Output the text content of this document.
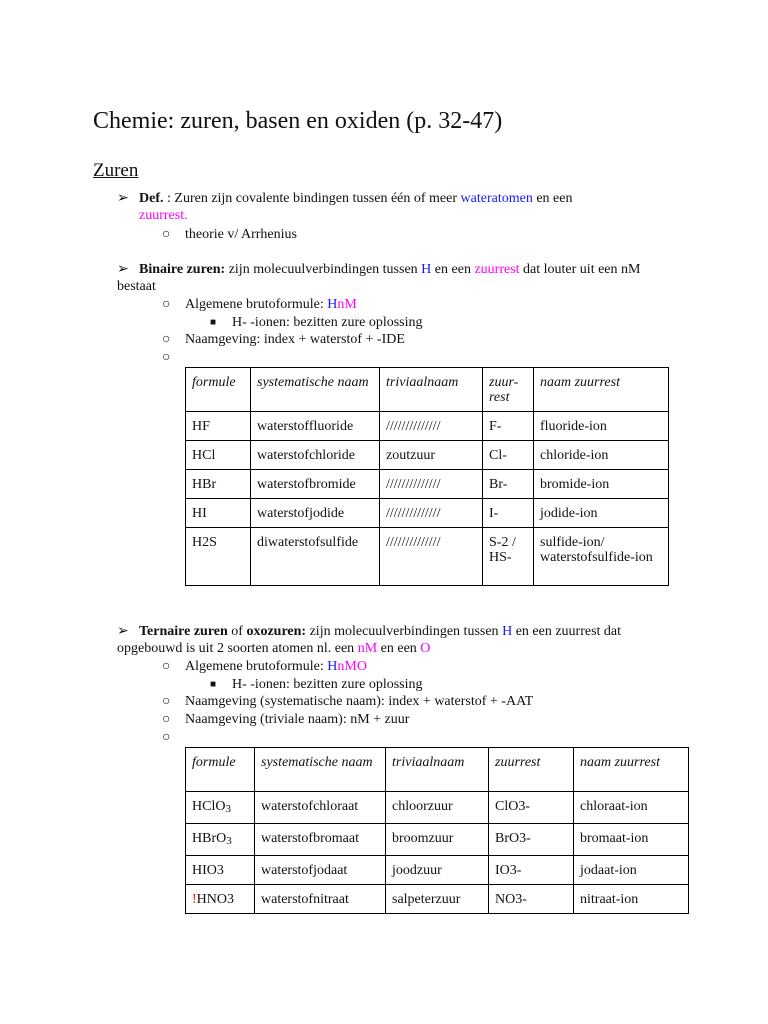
Chemie: zuren, basen en oxiden (p. 32-47)
Zuren
➢ Def. : Zuren zijn covalente bindingen tussen één of meer wateratomen en een
zuurrest.
○ theorie v/ Arrhenius
➢ Binaire zuren: zijn molecuulverbindingen tussen H en een zuurrest dat louter uit een nM bestaat
○ Algemene brutoformule: HnM
■ H- -ionen: bezitten zure oplossing
○ Naamgeving: index + waterstof + -IDE
○
formule	systematische naam	triviaalnaam	zuur-rest	naam zuurrest
HF	waterstoffluoride	//////////////	F-	fluoride-ion
HCl	waterstofchloride	zoutzuur	Cl-	chloride-ion
HBr	waterstofbromide	//////////////	Br-	bromide-ion
HI	waterstofjodide	//////////////	I-	jodide-ion
H2S	diwaterstofsulfide	//////////////	S-2 / HS-	sulfide-ion/ waterstofsulfide-ion
➢ Ternaire zuren of oxozuren: zijn molecuulverbindingen tussen H en een zuurrest dat opgebouwd is uit 2 soorten atomen nl. een nM en een O
○ Algemene brutoformule: HnMO
■ H- -ionen: bezitten zure oplossing
○ Naamgeving (systematische naam): index + waterstof + -AAT
○ Naamgeving (triviale naam): nM + zuur
○
formule	systematische naam	triviaalnaam	zuurrest	naam zuurrest
HClO$_3$	waterstofchloraat	chloorzuur	ClO3-	chloraat-ion
HBrO$_3$	waterstofbromaat	broomzuur	BrO3-	bromaat-ion
HIO3	waterstofjodaat	joodzuur	IO3-	jodaat-ion
!HNO3	waterstofnitraat	salpeterzuur	NO3-	nitraat-ion
